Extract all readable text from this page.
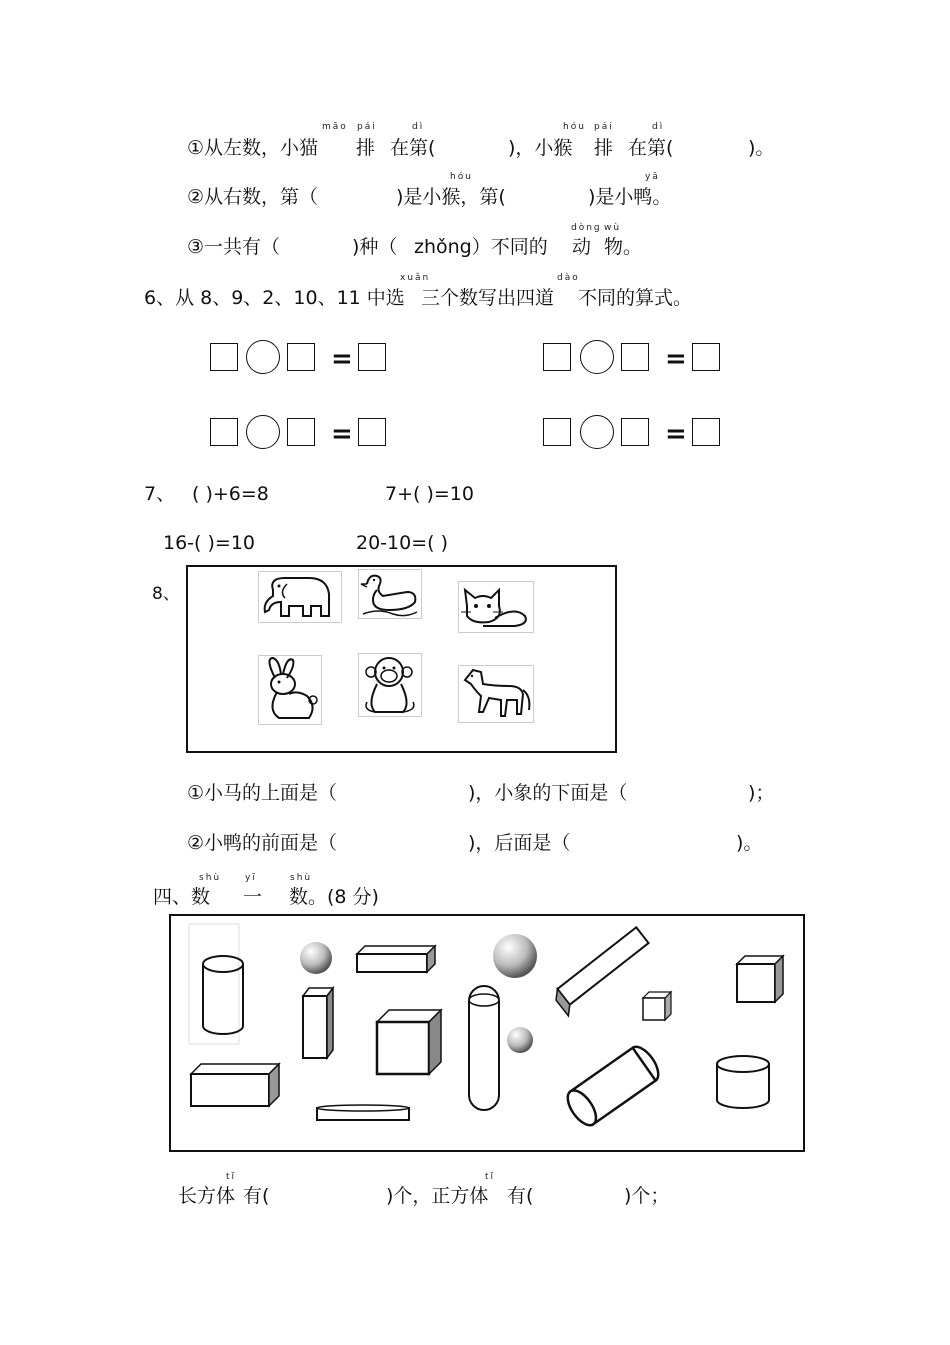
māo pái	dì	hóu pái	dì
①从左数，小猫 排 在第(	)，小猴 排 在第(	)。
hóu	yā
②从右数，第（	)是小猴，第(	)是小鸭。
dòng wù
③一共有（	)种（ zhǒng）不同的 动 物。
xuǎn	dào
6、从 8、9、2、10、11 中选 三个数写出四道 不同的算式。
=	=
=	=
7、 ( )+6=8	7+( )=10
16-( )=10	20-10=( )
8、
①小马的上面是（	)，小象的下面是（	)；
②小鸭的前面是（	)，后面是（	)。
shù	yī	shù
四、数 一 数。(8 分)
tǐ	tǐ
长方体 有(	)个，正方体 有(	)个；
